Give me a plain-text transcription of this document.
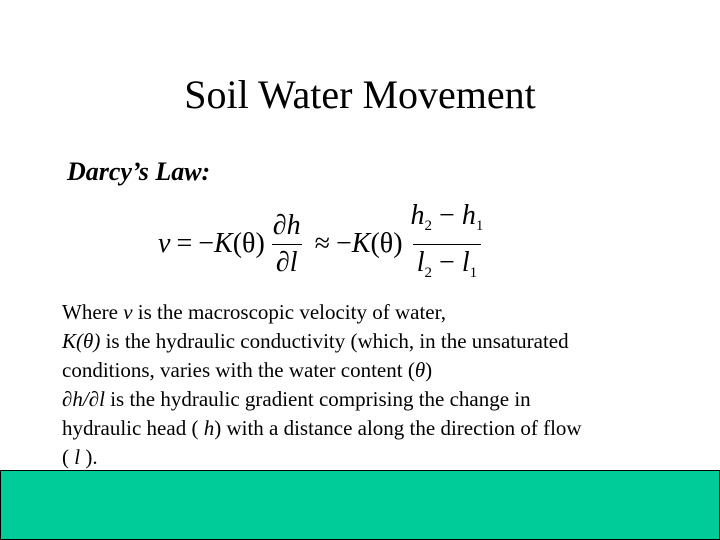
Soil Water Movement
Darcy’s Law:
v = − K $(\theta) \frac{\partial h}{\partial l}$ ≈ − K $(\theta) \frac{h_2 - h_1}{l_2 - l_1}$
Where v is the macroscopic velocity of water,
K(θ) is the hydraulic conductivity (which, in the unsaturated
conditions, varies with the water content (θ)
∂h/∂l is the hydraulic gradient comprising the change in
hydraulic head ( h) with a distance along the direction of flow
( l ).
